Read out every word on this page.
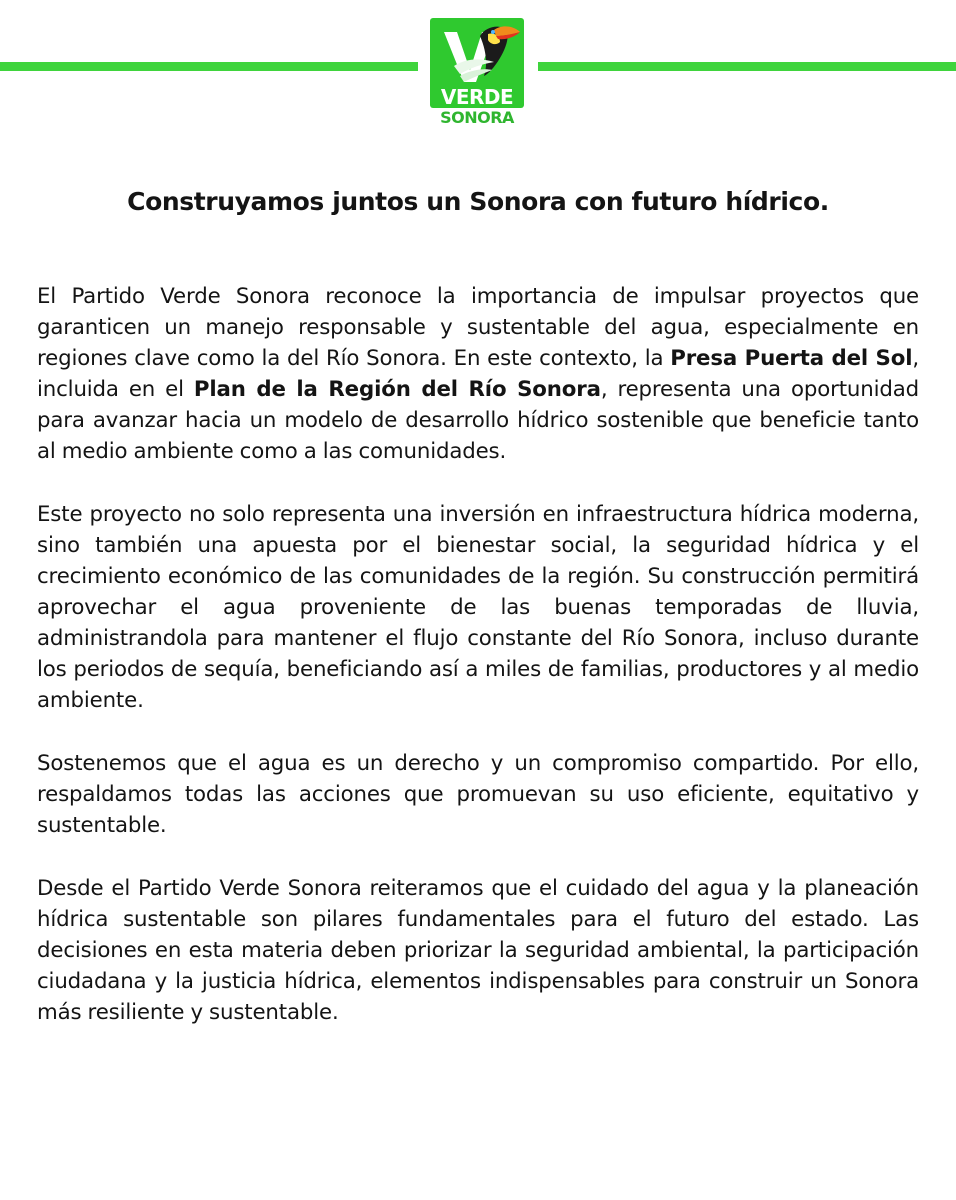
VERDE
SONORA
Construyamos juntos un Sonora con futuro hídrico.

El Partido Verde Sonora reconoce la importancia de impulsar proyectos que garanticen un manejo responsable y sustentable del agua, especialmente en regiones clave como la del Río Sonora. En este contexto, la Presa Puerta del Sol, incluida en el Plan de la Región del Río Sonora, representa una oportunidad para avanzar hacia un modelo de desarrollo hídrico sostenible que beneficie tanto al medio ambiente como a las comunidades.

Este proyecto no solo representa una inversión en infraestructura hídrica moderna, sino también una apuesta por el bienestar social, la seguridad hídrica y el crecimiento económico de las comunidades de la región. Su construcción permitirá aprovechar el agua proveniente de las buenas temporadas de lluvia, administrandola para mantener el flujo constante del Río Sonora, incluso durante los periodos de sequía, beneficiando así a miles de familias, productores y al medio ambiente.

Sostenemos que el agua es un derecho y un compromiso compartido. Por ello, respaldamos todas las acciones que promuevan su uso eficiente, equitativo y sustentable.

Desde el Partido Verde Sonora reiteramos que el cuidado del agua y la planeación hídrica sustentable son pilares fundamentales para el futuro del estado. Las decisiones en esta materia deben priorizar la seguridad ambiental, la participación ciudadana y la justicia hídrica, elementos indispensables para construir un Sonora más resiliente y sustentable.
